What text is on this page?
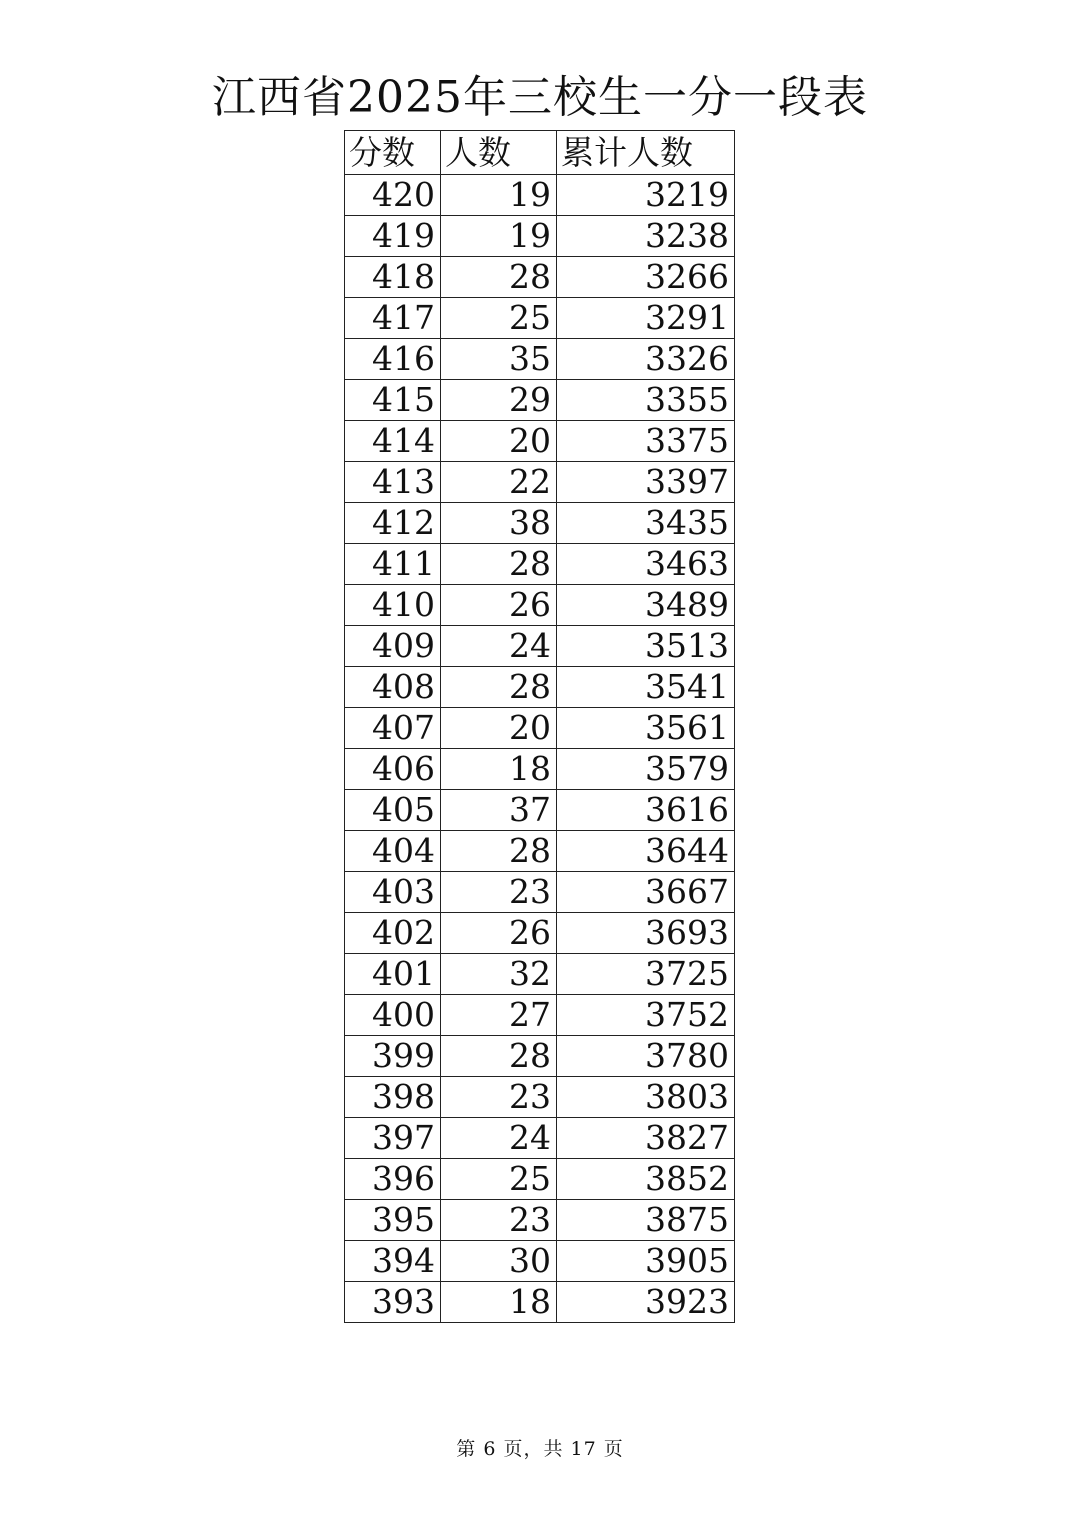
江西省2025年三校生一分一段表
分数	人数	累计人数
420	19	3219
419	19	3238
418	28	3266
417	25	3291
416	35	3326
415	29	3355
414	20	3375
413	22	3397
412	38	3435
411	28	3463
410	26	3489
409	24	3513
408	28	3541
407	20	3561
406	18	3579
405	37	3616
404	28	3644
403	23	3667
402	26	3693
401	32	3725
400	27	3752
399	28	3780
398	23	3803
397	24	3827
396	25	3852
395	23	3875
394	30	3905
393	18	3923
第 6 页，共 17 页
